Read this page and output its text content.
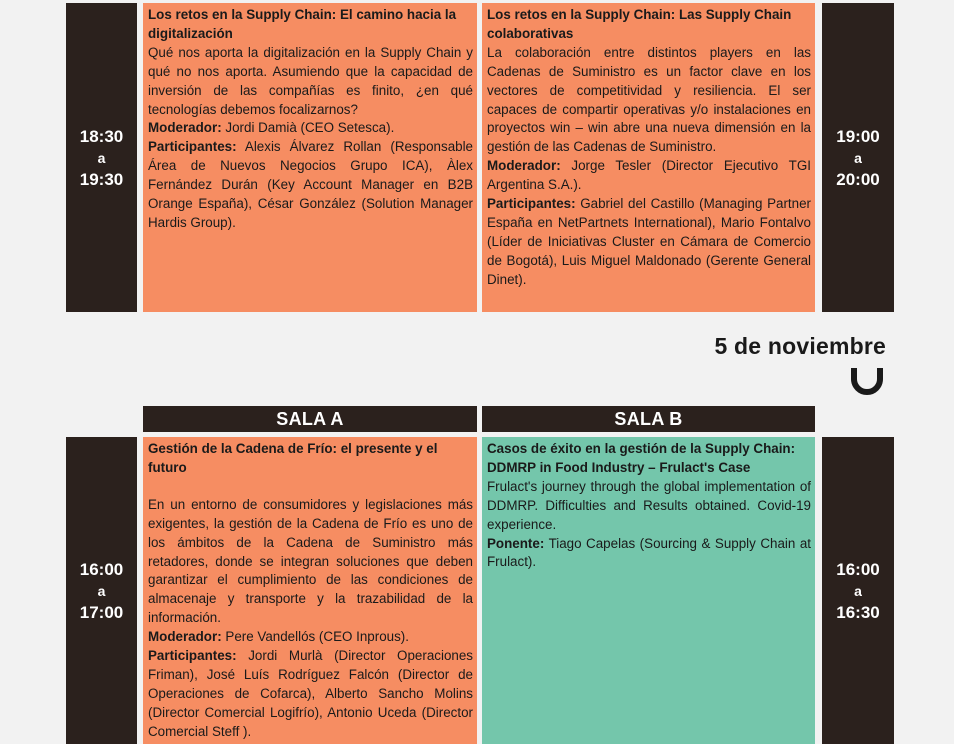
18:30
a
19:30
Los retos en la Supply Chain: El camino hacia la digitalización
Qué nos aporta la digitalización en la Supply Chain y qué no nos aporta. Asumiendo que la capacidad de inversión de las compañías es finito, ¿en qué tecnologías debemos focalizarnos?
Moderador: Jordi Damià (CEO Setesca).
Participantes: Alexis Álvarez Rollan (Responsable Área de Nuevos Negocios Grupo ICA), Àlex Fernández Durán (Key Account Manager en B2B Orange España), César González (Solution Manager Hardis Group).
Los retos en la Supply Chain: Las Supply Chain colaborativas
La colaboración entre distintos players en las Cadenas de Suministro es un factor clave en los vectores de competitividad y resiliencia. El ser capaces de compartir operativas y/o instalaciones en proyectos win – win abre una nueva dimensión en la gestión de las Cadenas de Suministro.
Moderador: Jorge Tesler (Director Ejecutivo TGI Argentina S.A.).
Participantes: Gabriel del Castillo (Managing Partner España en NetPartnets International), Mario Fontalvo (Líder de Iniciativas Cluster en Cámara de Comercio de Bogotá), Luis Miguel Maldonado (Gerente General Dinet).
19:00
a
20:00
5 de noviembre
SALA A	SALA B
16:00
a
17:00
Gestión de la Cadena de Frío: el presente y el futuro
En un entorno de consumidores y legislaciones más exigentes, la gestión de la Cadena de Frío es uno de los ámbitos de la Cadena de Suministro más retadores, donde se integran soluciones que deben garantizar el cumplimiento de las condiciones de almacenaje y transporte y la trazabilidad de la información.
Moderador: Pere Vandellós (CEO Inprous).
Participantes: Jordi Murlà (Director Operaciones Friman), José Luís Rodríguez Falcón (Director de Operaciones de Cofarca), Alberto Sancho Molins (Director Comercial Logifrío), Antonio Uceda (Director Comercial Steff ).
Casos de éxito en la gestión de la Supply Chain: DDMRP in Food Industry – Frulact's Case
Frulact's journey through the global implementation of DDMRP. Difficulties and Results obtained. Covid-19 experience.
Ponente: Tiago Capelas (Sourcing & Supply Chain at Frulact).	16:00
a
16:30
